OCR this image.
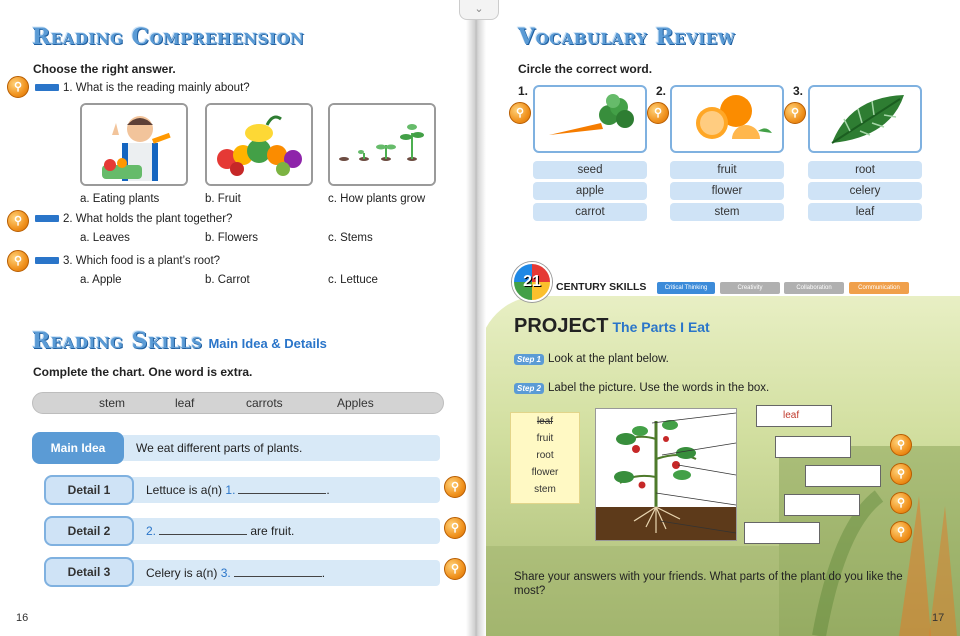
Reading Comprehension
Choose the right answer.
⚲	1. What is the reading mainly about?
a. Eating plants	b. Fruit	c. How plants grow
⚲	2. What holds the plant together?
a. Leaves	b. Flowers	c. Stems
⚲	3. Which food is a plant’s root?
a. Apple	b. Carrot	c. Lettuce
Reading Skills Main Idea & Details
Complete the chart. One word is extra.
stem	leaf	carrots	Apples
We eat different parts of plants.
Main Idea
Lettuce is a(n) 1.	.
Detail 1	⚲
2.	are fruit.
Detail 2	⚲
Celery is a(n) 3.	.
Detail 3	⚲
16
Vocabulary Review
Circle the correct word.
1.	2.	3.
⚲	⚲	⚲
seed
apple
carrot
fruit
flower
stem
root
celery
leaf
21	CENTURY SKILLS	Critical Thinking	Creativity	Collaboration	Communication
PROJECT The Parts I Eat
Step 1 Look at the plant below.
Step 2 Label the picture. Use the words in the box.
leaf
fruit
root
flower
stem
leaf
⚲
⚲
⚲
⚲
Share your answers with your friends. What parts of the plant do you like the most?
17
⌄
